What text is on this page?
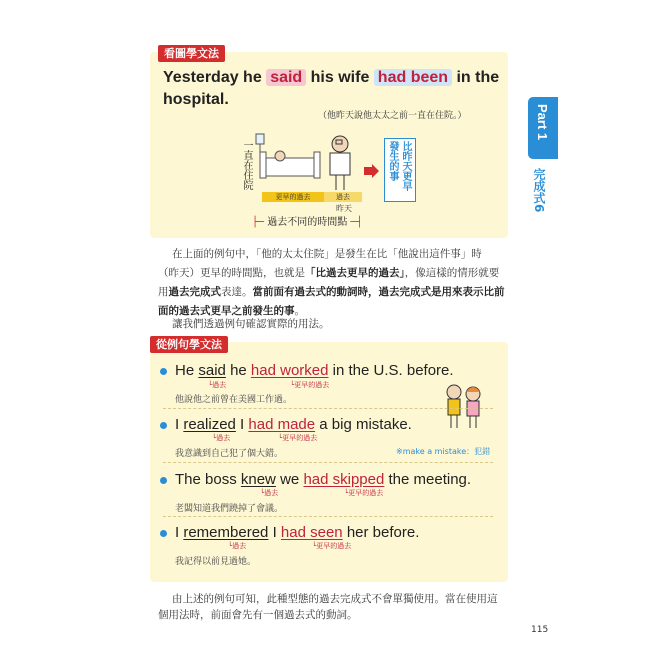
看圖學文法
Yesterday he said his wife had been in the
hospital.
（他昨天說他太太之前一直在住院。）
一直在住院	比昨天更早發生的事
更早的過去	過去
昨天
├─ 過去不同的時間點 ─┤
Part 1
完成式6
在上面的例句中，「他的太太住院」是發生在比「他說出這件事」時
（昨天）更早的時間點，也就是「比過去更早的過去」，像這樣的情形就要
用過去完成式表達。當前面有過去式的動詞時，過去完成式是用來表示比前
面的過去式更早之前發生的事。
讓我們透過例句確認實際的用法。
從例句學文法
He said he had worked in the U.S. before.
└過去	└更早的過去
他說他之前曾在美國工作過。
I realized I had made a big mistake.
└過去	└更早的過去
我意識到自己犯了個大錯。	※make a mistake：犯錯
The boss knew we had skipped the meeting.
└過去	└更早的過去
老闆知道我們蹺掉了會議。
I remembered I had seen her before.
└過去	└更早的過去
我記得以前見過她。
由上述的例句可知，此種型態的過去完成式不會單獨使用。當在使用這
個用法時，前面會先有一個過去式的動詞。
115
